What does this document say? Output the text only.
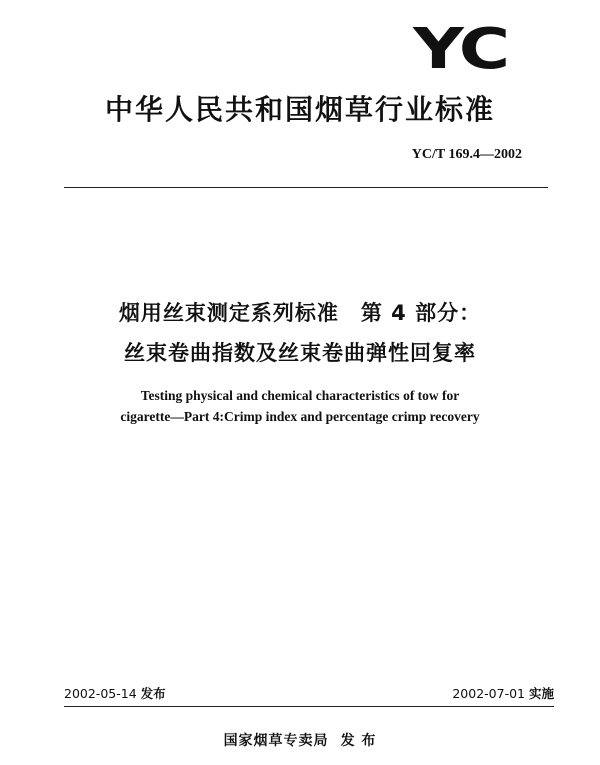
YC
中华人民共和国烟草行业标准
YC/T 169.4—2002
烟用丝束测定系列标准　第 4 部分：
丝束卷曲指数及丝束卷曲弹性回复率
Testing physical and chemical characteristics of tow for
cigarette—Part 4:Crimp index and percentage crimp recovery
2002-05-14 发布	2002-07-01 实施
国家烟草专卖局 发 布
